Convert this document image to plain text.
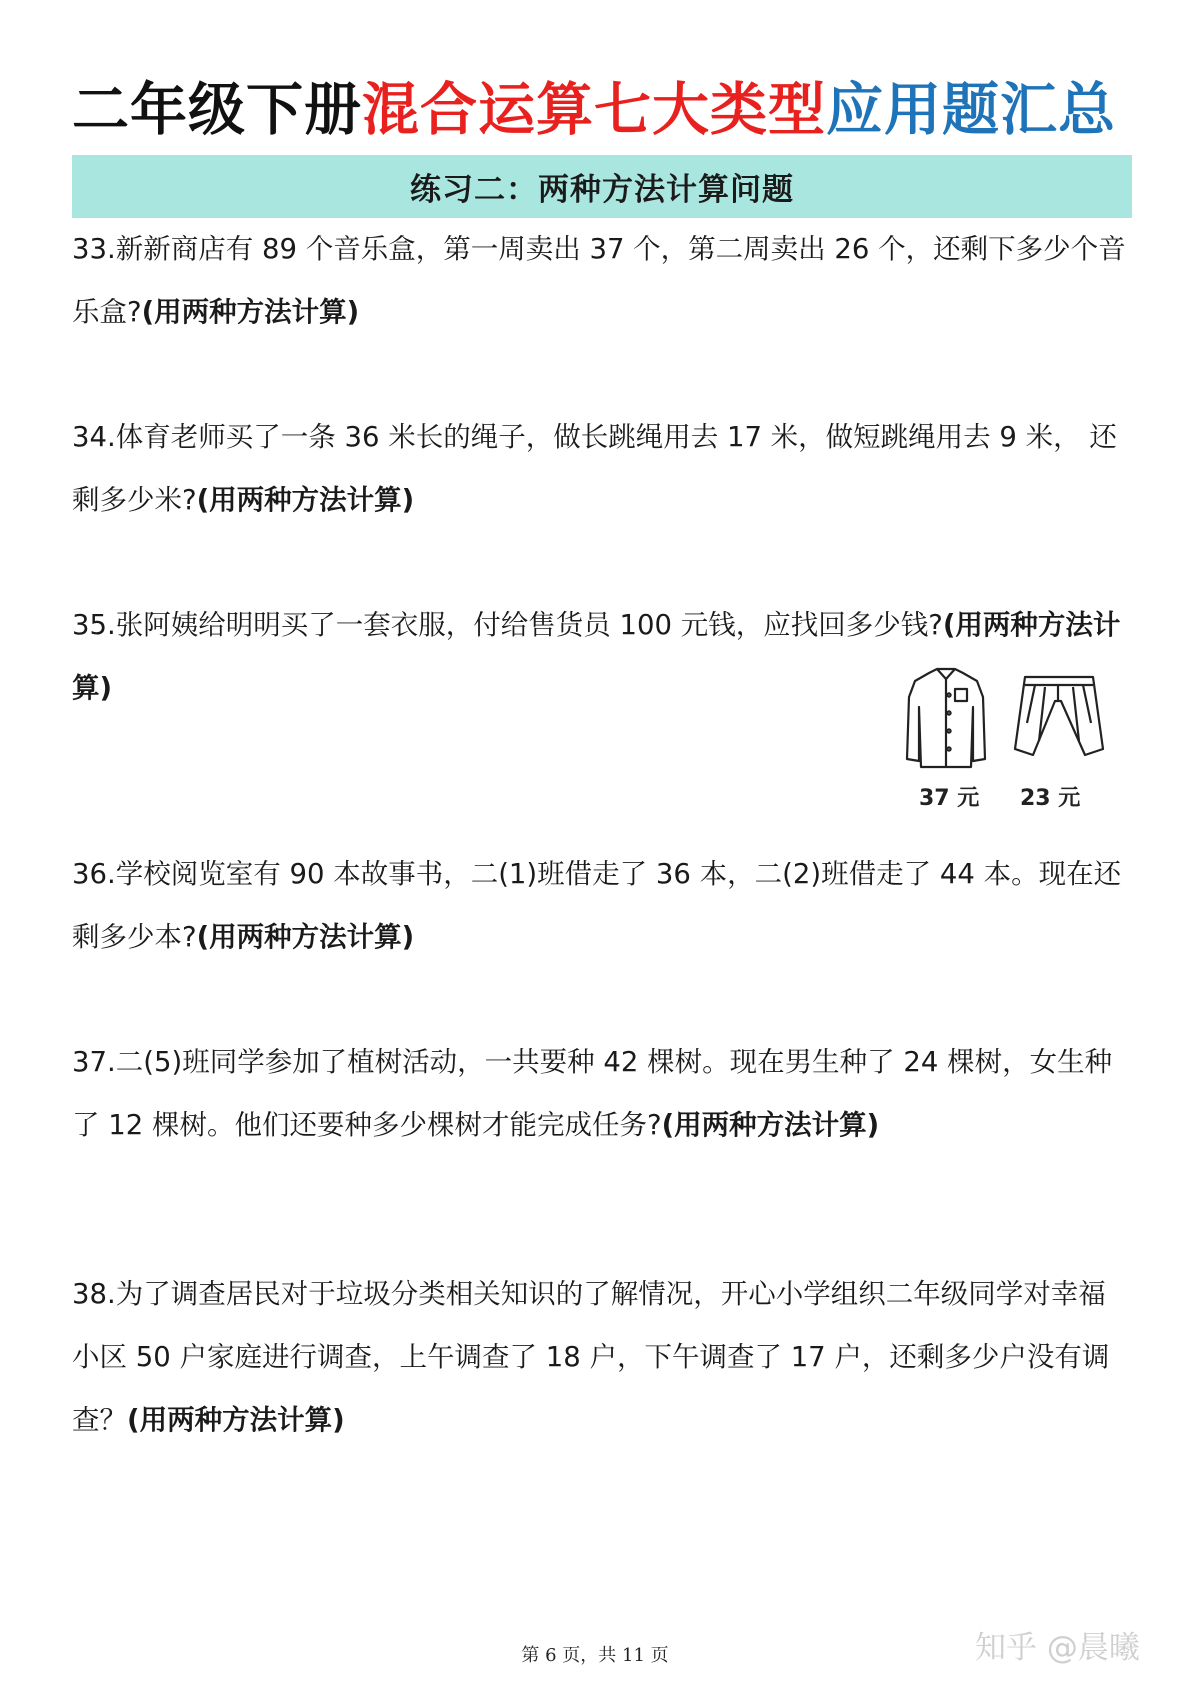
二年级下册混合运算七大类型应用题汇总
练习二：两种方法计算问题
33.新新商店有 89 个音乐盒，第一周卖出 37 个，第二周卖出 26 个，还剩下多少个音乐盒?(用两种方法计算)
34.体育老师买了一条 36 米长的绳子，做长跳绳用去 17 米，做短跳绳用去 9 米， 还剩多少米?(用两种方法计算)
35.张阿姨给明明买了一套衣服，付给售货员 100 元钱，应找回多少钱?(用两种方法计算)
37 元 23 元
36.学校阅览室有 90 本故事书，二(1)班借走了 36 本，二(2)班借走了 44 本。现在还剩多少本?(用两种方法计算)
37.二(5)班同学参加了植树活动，一共要种 42 棵树。现在男生种了 24 棵树，女生种了 12 棵树。他们还要种多少棵树才能完成任务?(用两种方法计算)
38.为了调查居民对于垃圾分类相关知识的了解情况，开心小学组织二年级同学对幸福小区 50 户家庭进行调查，上午调查了 18 户，下午调查了 17 户，还剩多少户没有调查？(用两种方法计算)
第 6 页，共 11 页	知乎 @晨曦
